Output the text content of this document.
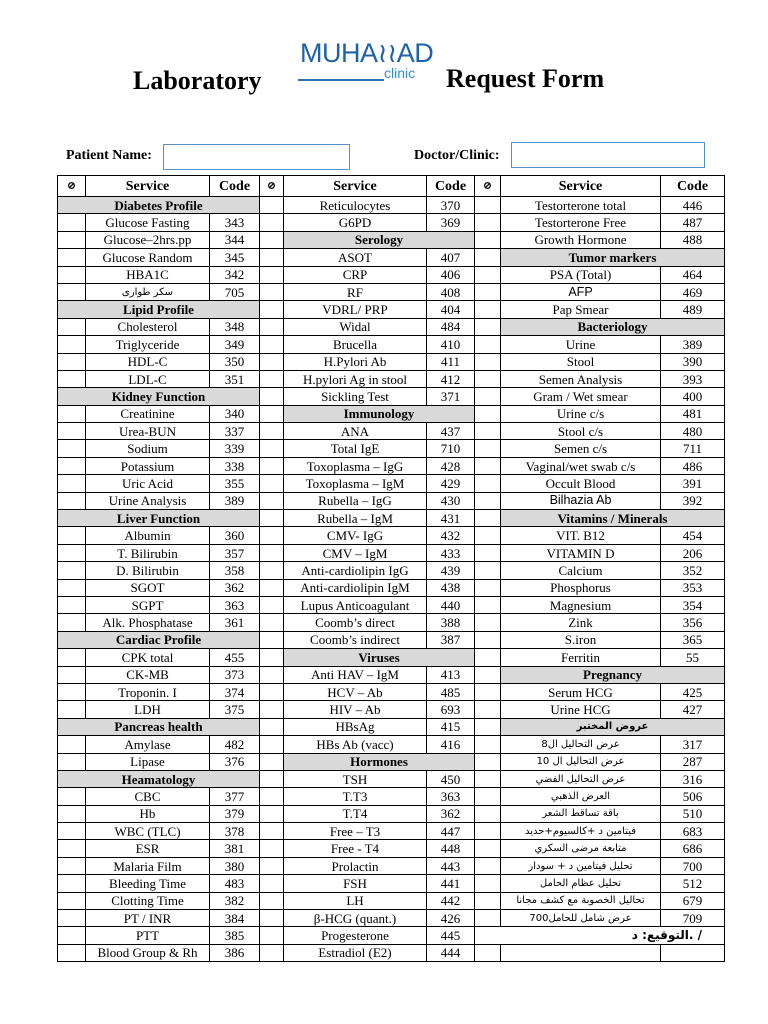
Laboratory
MUHA≀≀AD
clinic Request Form
Patient Name:	Doctor/Clinic:
⊘	Service	Code	⊘	Service	Code	⊘	Service	Code
Diabetes Profile				Reticulocytes	370		Testorterone total	446
	Glucose Fasting	343		G6PD	369		Testorterone Free	487
	Glucose–2hrs.pp	344		Serology			Growth Hormone	488
	Glucose Random	345		ASOT	407		Tumor markers	
	HBA1C	342		CRP	406		PSA (Total)	464
	سكر طوارى	705		RF	408		AFP	469
Lipid Profile				VDRL/ PRP	404		Pap Smear	489
	Cholesterol	348		Widal	484		Bacteriology	
	Triglyceride	349		Brucella	410		Urine	389
	HDL-C	350		H.Pylori Ab	411		Stool	390
	LDL-C	351		H.pylori Ag in stool	412		Semen Analysis	393
Kidney Function				Sickling Test	371		Gram / Wet smear	400
	Creatinine	340		Immunology			Urine c/s	481
	Urea-BUN	337		ANA	437		Stool c/s	480
	Sodium	339		Total IgE	710		Semen c/s	711
	Potassium	338		Toxoplasma – IgG	428		Vaginal/wet swab c/s	486
	Uric Acid	355		Toxoplasma – IgM	429		Occult Blood	391
	Urine Analysis	389		Rubella – IgG	430		Bilhazia Ab	392
Liver Function				Rubella – IgM	431		Vitamins / Minerals	
	Albumin	360		CMV- IgG	432		VIT. B12	454
	T. Bilirubin	357		CMV – IgM	433		VITAMIN D	206
	D. Bilirubin	358		Anti-cardiolipin IgG	439		Calcium	352
	SGOT	362		Anti-cardiolipin IgM	438		Phosphorus	353
	SGPT	363		Lupus Anticoagulant	440		Magnesium	354
	Alk. Phosphatase	361		Coomb’s direct	388		Zink	356
Cardiac Profile				Coomb’s indirect	387		S.iron	365
	CPK total	455		Viruses			Ferritin	55
	CK-MB	373		Anti HAV – IgM	413		Pregnancy	
	Troponin. I	374		HCV – Ab	485		Serum HCG	425
	LDH	375		HIV – Ab	693		Urine HCG	427
Pancreas health				HBsAg	415		عروض المختبر	
	Amylase	482		HBs Ab (vacc)	416		عرض التحاليل ال8	317
	Lipase	376		Hormones			عرض التحاليل ال 10	287
Heamatology				TSH	450		عرض التحاليل الفضي	316
	CBC	377		T.T3	363		العرض الذهبي	506
	Hb	379		T.T4	362		باقة تساقط الشعر	510
	WBC (TLC)	378		Free – T3	447		فيتامين د +كالسيوم+حديد	683
	ESR	381		Free - T4	448		متابعة مرضى السكري	686
	Malaria Film	380		Prolactin	443		تحليل فيتامين د + سودار	700
	Bleeding Time	483		FSH	441		تحليل عظام الحامل	512
	Clotting Time	382		LH	442		تحاليل الخصوبة مع كشف مجانا	679
	PT / INR	384		β-HCG (quant.)	426		عرض شامل للحامل700	709
	PTT	385		Progesterone	445		التوقيع: د. /	
	Blood Group & Rh	386		Estradiol (E2)	444			
